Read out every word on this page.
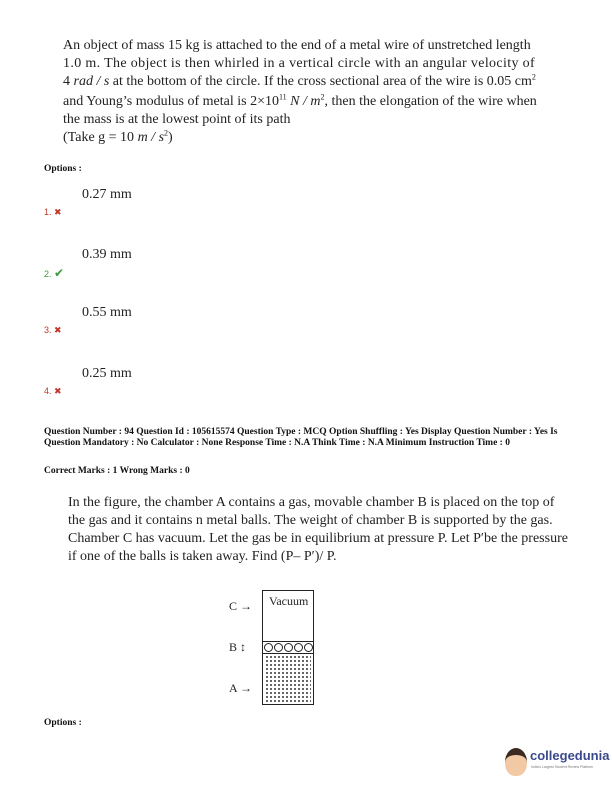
An object of mass 15 kg is attached to the end of a metal wire of unstretched length
1.0 m. The object is then whirled in a vertical circle with an angular velocity of
4 rad / s at the bottom of the circle. If the cross sectional area of the wire is 0.05 $cm^2$
and Young’s modulus of metal is $2\times 10^{11}$ N / $m^2$, then the elongation of the wire when
the mass is at the lowest point of its path
(Take g = 10 m / $s^2$)
Options :
0.27 mm
1. ✖
0.39 mm
2. ✔
0.55 mm
3. ✖
0.25 mm
4. ✖
Question Number : 94 Question Id : 105615574 Question Type : MCQ Option Shuffling : Yes Display Question Number : Yes Is Question Mandatory : No Calculator : None Response Time : N.A Think Time : N.A Minimum Instruction Time : 0
Correct Marks : 1 Wrong Marks : 0
In the figure, the chamber A contains a gas, movable chamber B is placed on the top of
the gas and it contains n metal balls. The weight of chamber B is supported by the gas.
Chamber C has vacuum. Let the gas be in equilibrium at pressure P. Let P′be the pressure
if one of the balls is taken away. Find (P– P′)/ P.
Vacuum
C →
B ↕
A →
Options :
collegedunia
India's Largest Student Review Platform
